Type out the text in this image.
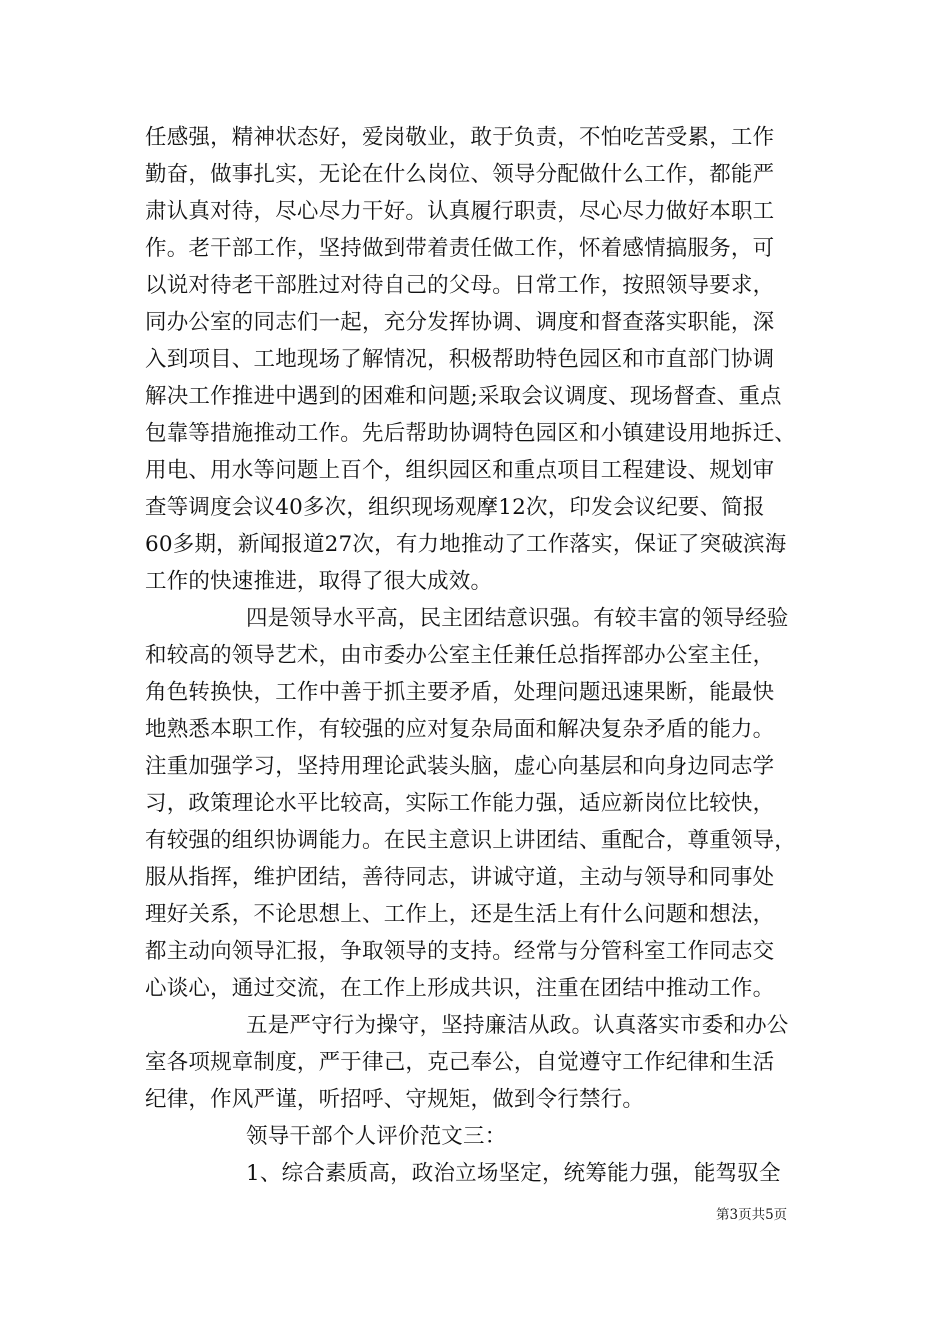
任感强，精神状态好，爱岗敬业，敢于负责，不怕吃苦受累，工作
勤奋，做事扎实，无论在什么岗位、领导分配做什么工作，都能严
肃认真对待，尽心尽力干好。认真履行职责，尽心尽力做好本职工
作。老干部工作，坚持做到带着责任做工作，怀着感情搞服务，可
以说对待老干部胜过对待自己的父母。日常工作，按照领导要求，
同办公室的同志们一起，充分发挥协调、调度和督查落实职能，深
入到项目、工地现场了解情况，积极帮助特色园区和市直部门协调
解决工作推进中遇到的困难和问题;采取会议调度、现场督查、重点
包靠等措施推动工作。先后帮助协调特色园区和小镇建设用地拆迁、
用电、用水等问题上百个，组织园区和重点项目工程建设、规划审
查等调度会议40多次，组织现场观摩12次，印发会议纪要、简报
60多期，新闻报道27次，有力地推动了工作落实，保证了突破滨海
工作的快速推进，取得了很大成效。
四是领导水平高，民主团结意识强。有较丰富的领导经验
和较高的领导艺术，由市委办公室主任兼任总指挥部办公室主任，
角色转换快，工作中善于抓主要矛盾，处理问题迅速果断，能最快
地熟悉本职工作，有较强的应对复杂局面和解决复杂矛盾的能力。
注重加强学习，坚持用理论武装头脑，虚心向基层和向身边同志学
习，政策理论水平比较高，实际工作能力强，适应新岗位比较快，
有较强的组织协调能力。在民主意识上讲团结、重配合，尊重领导，
服从指挥，维护团结，善待同志，讲诚守道，主动与领导和同事处
理好关系，不论思想上、工作上，还是生活上有什么问题和想法，
都主动向领导汇报，争取领导的支持。经常与分管科室工作同志交
心谈心，通过交流，在工作上形成共识，注重在团结中推动工作。
五是严守行为操守，坚持廉洁从政。认真落实市委和办公
室各项规章制度，严于律己，克己奉公，自觉遵守工作纪律和生活
纪律，作风严谨，听招呼、守规矩，做到令行禁行。
领导干部个人评价范文三：
1、综合素质高，政治立场坚定，统筹能力强，能驾驭全
第3页共5页
